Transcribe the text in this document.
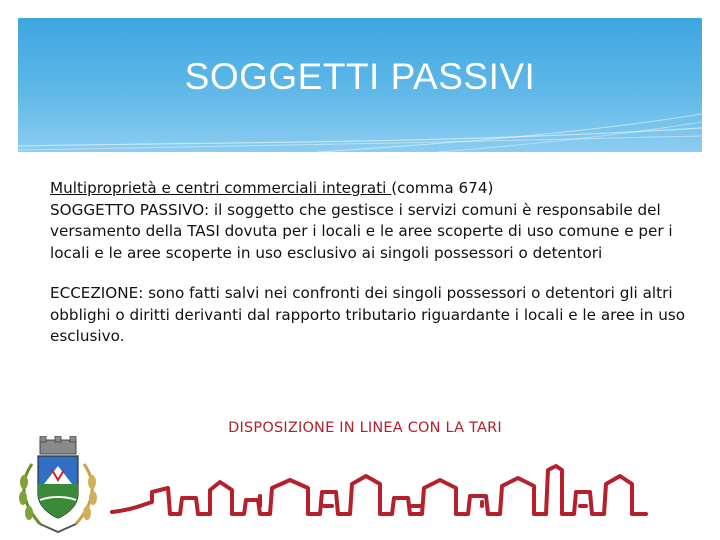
SOGGETTI PASSIVI

Multiproprietà e centri commerciali integrati (comma 674)
SOGGETTO PASSIVO: il soggetto che gestisce i servizi comuni è responsabile del versamento della TASI dovuta per i locali e le aree scoperte di uso comune e per i locali e le aree scoperte in uso esclusivo ai singoli possessori o detentori

ECCEZIONE: sono fatti salvi nei confronti dei singoli possessori o detentori gli altri obblighi o diritti derivanti dal rapporto tributario riguardante i locali e le aree in uso esclusivo.

DISPOSIZIONE IN LINEA CON LA TARI
